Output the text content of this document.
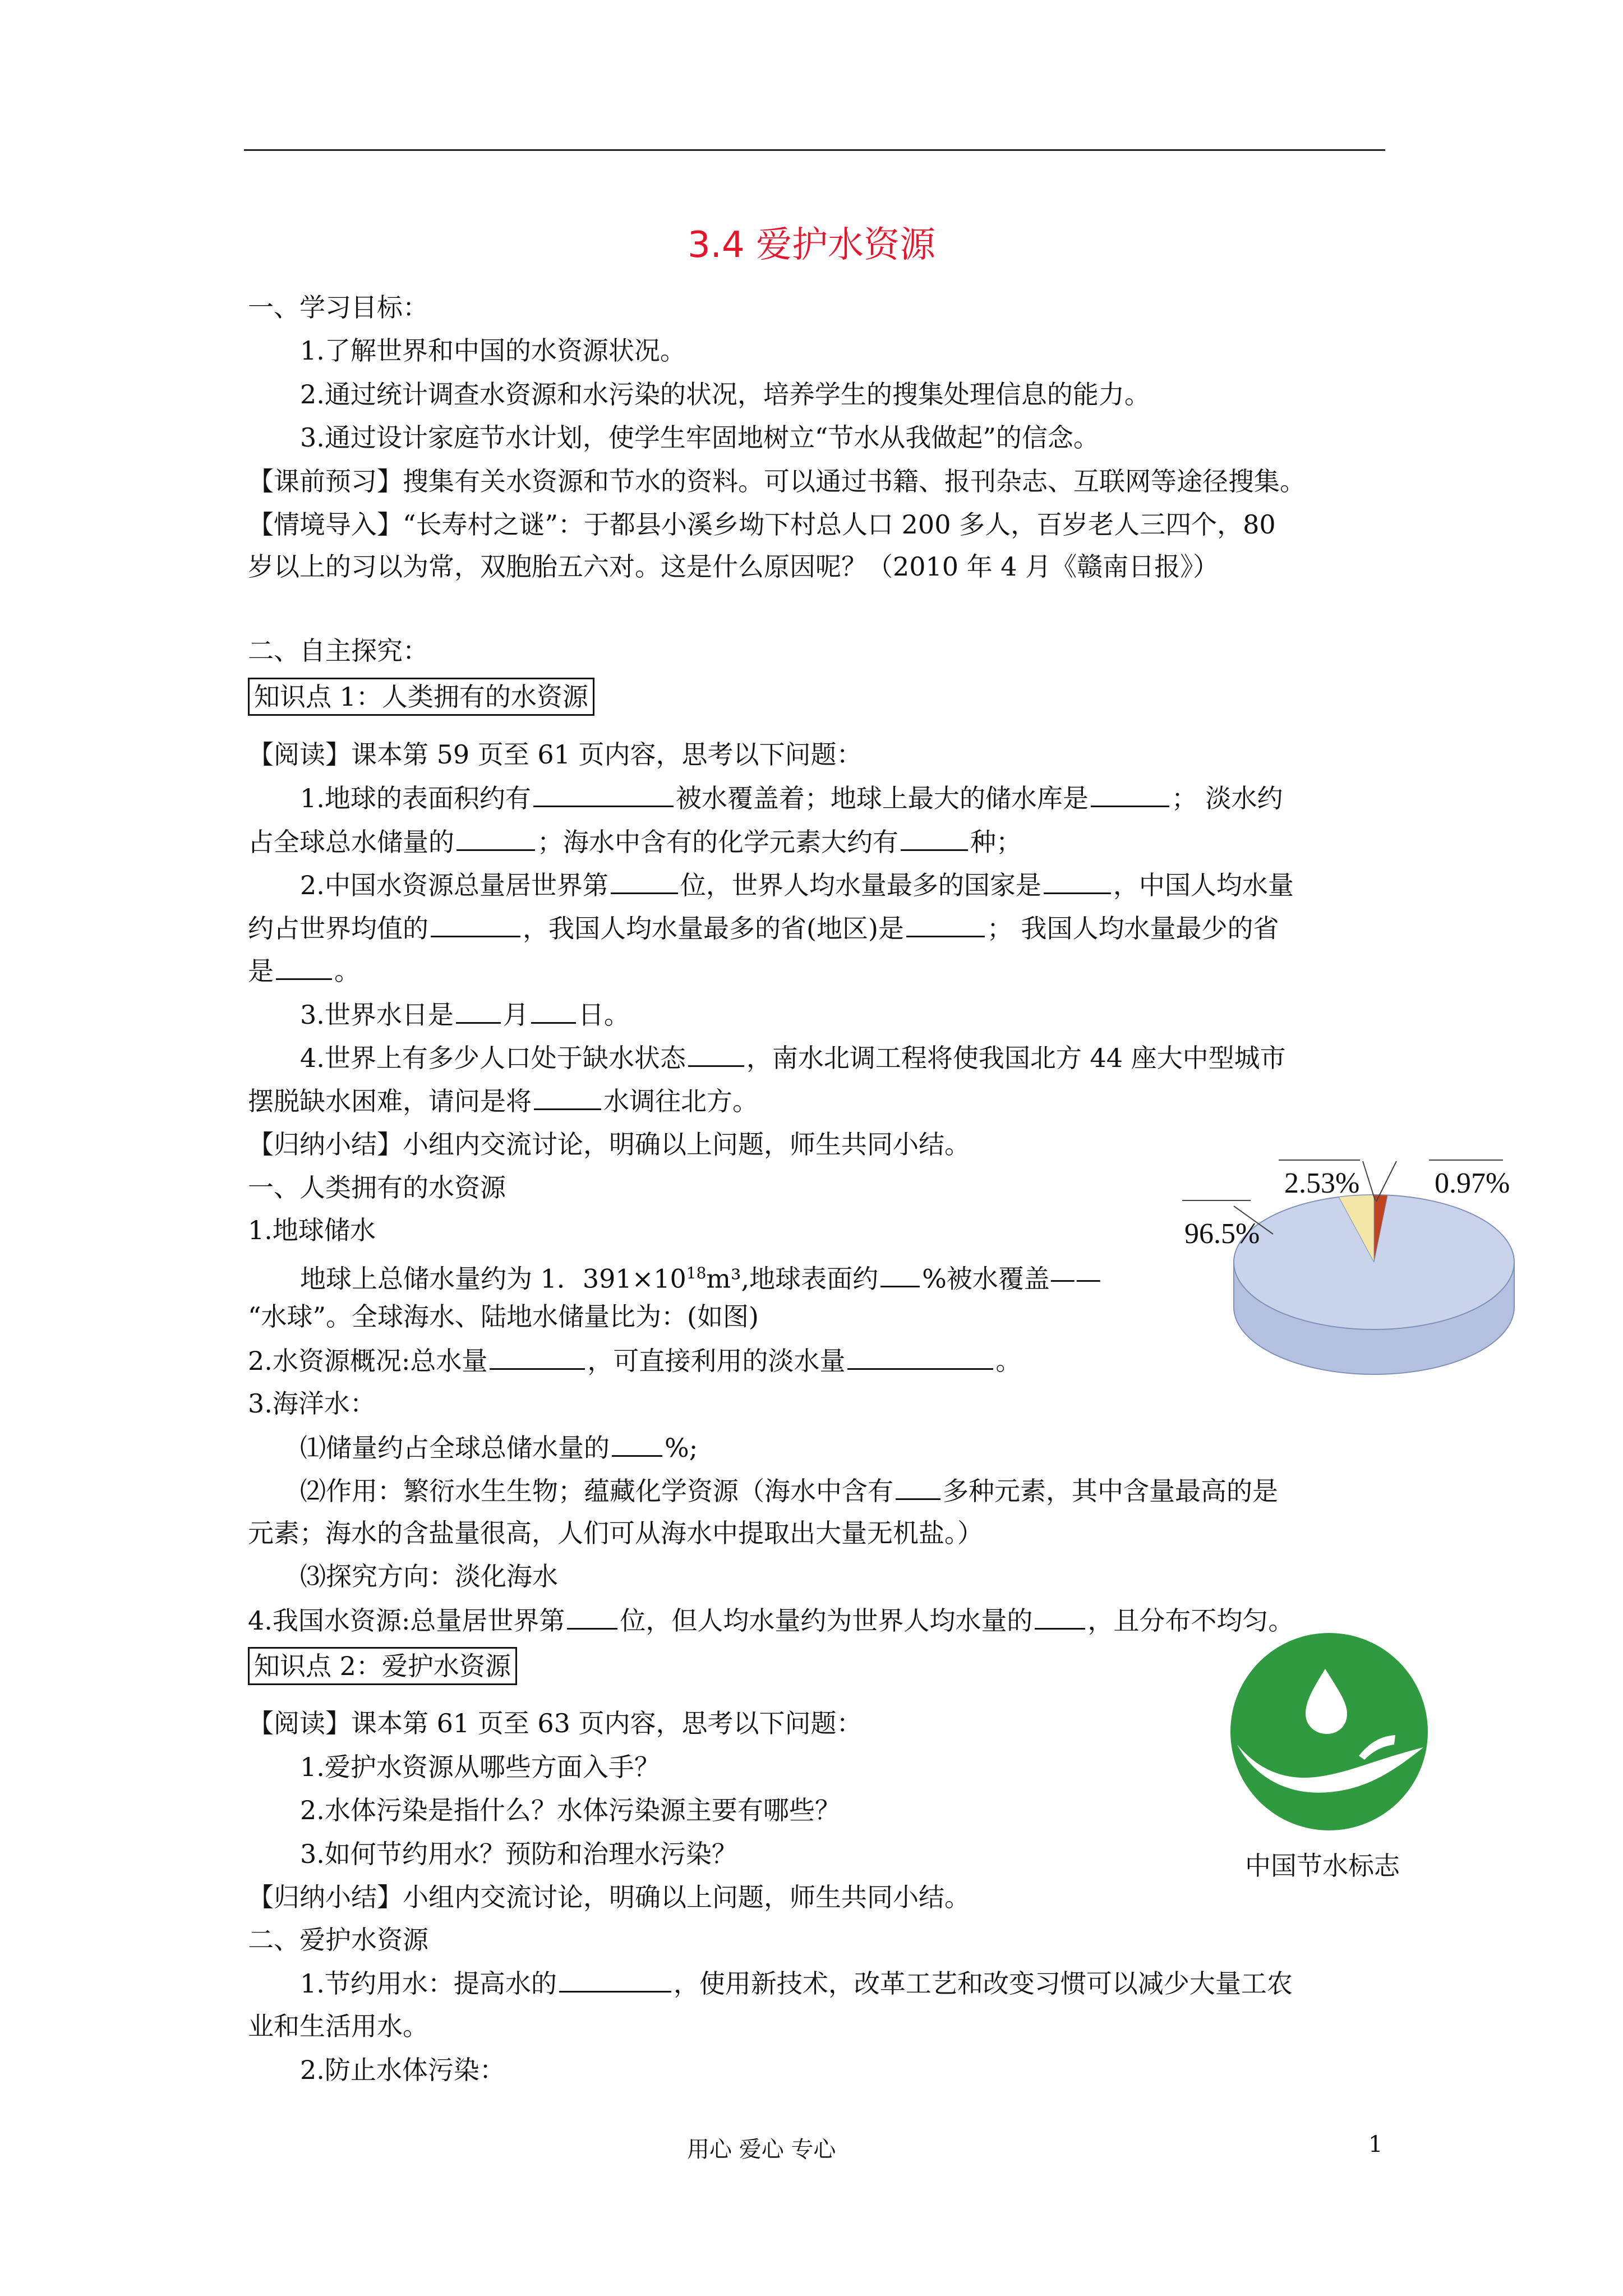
3.4 爱护水资源
一、学习目标：
1.了解世界和中国的水资源状况。
2.通过统计调查水资源和水污染的状况，培养学生的搜集处理信息的能力。
3.通过设计家庭节水计划，使学生牢固地树立“节水从我做起”的信念。
【课前预习】搜集有关水资源和节水的资料。可以通过书籍、报刊杂志、互联网等途径搜集。
【情境导入】“长寿村之谜”：于都县小溪乡坳下村总人口 200 多人，百岁老人三四个，80
岁以上的习以为常，双胞胎五六对。这是什么原因呢？（2010 年 4 月《赣南日报》）
二、自主探究：
知识点 1：人类拥有的水资源
【阅读】课本第 59 页至 61 页内容，思考以下问题：
1.地球的表面积约有	被水覆盖着；地球上最大的储水库是	； 淡水约
占全球总水储量的	；海水中含有的化学元素大约有	种；
2.中国水资源总量居世界第	位，世界人均水量最多的国家是	，中国人均水量
约占世界均值的	，我国人均水量最多的省(地区)是	； 我国人均水量最少的省
是 。
3.世界水日是 月 日。
4.世界上有多少人口处于缺水状态 ，南水北调工程将使我国北方 44 座大中型城市
摆脱缺水困难，请问是将	水调往北方。
【归纳小结】小组内交流讨论，明确以上问题，师生共同小结。
一、人类拥有的水资源
1.地球储水
地球上总储水量约为 1．$391\times 10^{18}m^3$,地球表面约 %被水覆盖——
“水球”。全球海水、陆地水储量比为：(如图)
2.水资源概况:总水量	，可直接利用的淡水量	。
3.海洋水：
⑴储量约占全球总储水量的 %;
⑵作用：繁衍水生生物；蕴藏化学资源（海水中含有 多种元素，其中含量最高的是
元素；海水的含盐量很高，人们可从海水中提取出大量无机盐。）
⑶探究方向：淡化海水
4.我国水资源:总量居世界第 位，但人均水量约为世界人均水量的 ，且分布不均匀。
知识点 2：爱护水资源
【阅读】课本第 61 页至 63 页内容，思考以下问题：
1.爱护水资源从哪些方面入手？
2.水体污染是指什么？水体污染源主要有哪些？
3.如何节约用水？预防和治理水污染？
【归纳小结】小组内交流讨论，明确以上问题，师生共同小结。
二、爱护水资源
1.节约用水：提高水的	，使用新技术，改革工艺和改变习惯可以减少大量工农
业和生活用水。
2.防止水体污染：
96.5%
2.53%	0.97%
中国节水标志
用心 爱心 专心	1
